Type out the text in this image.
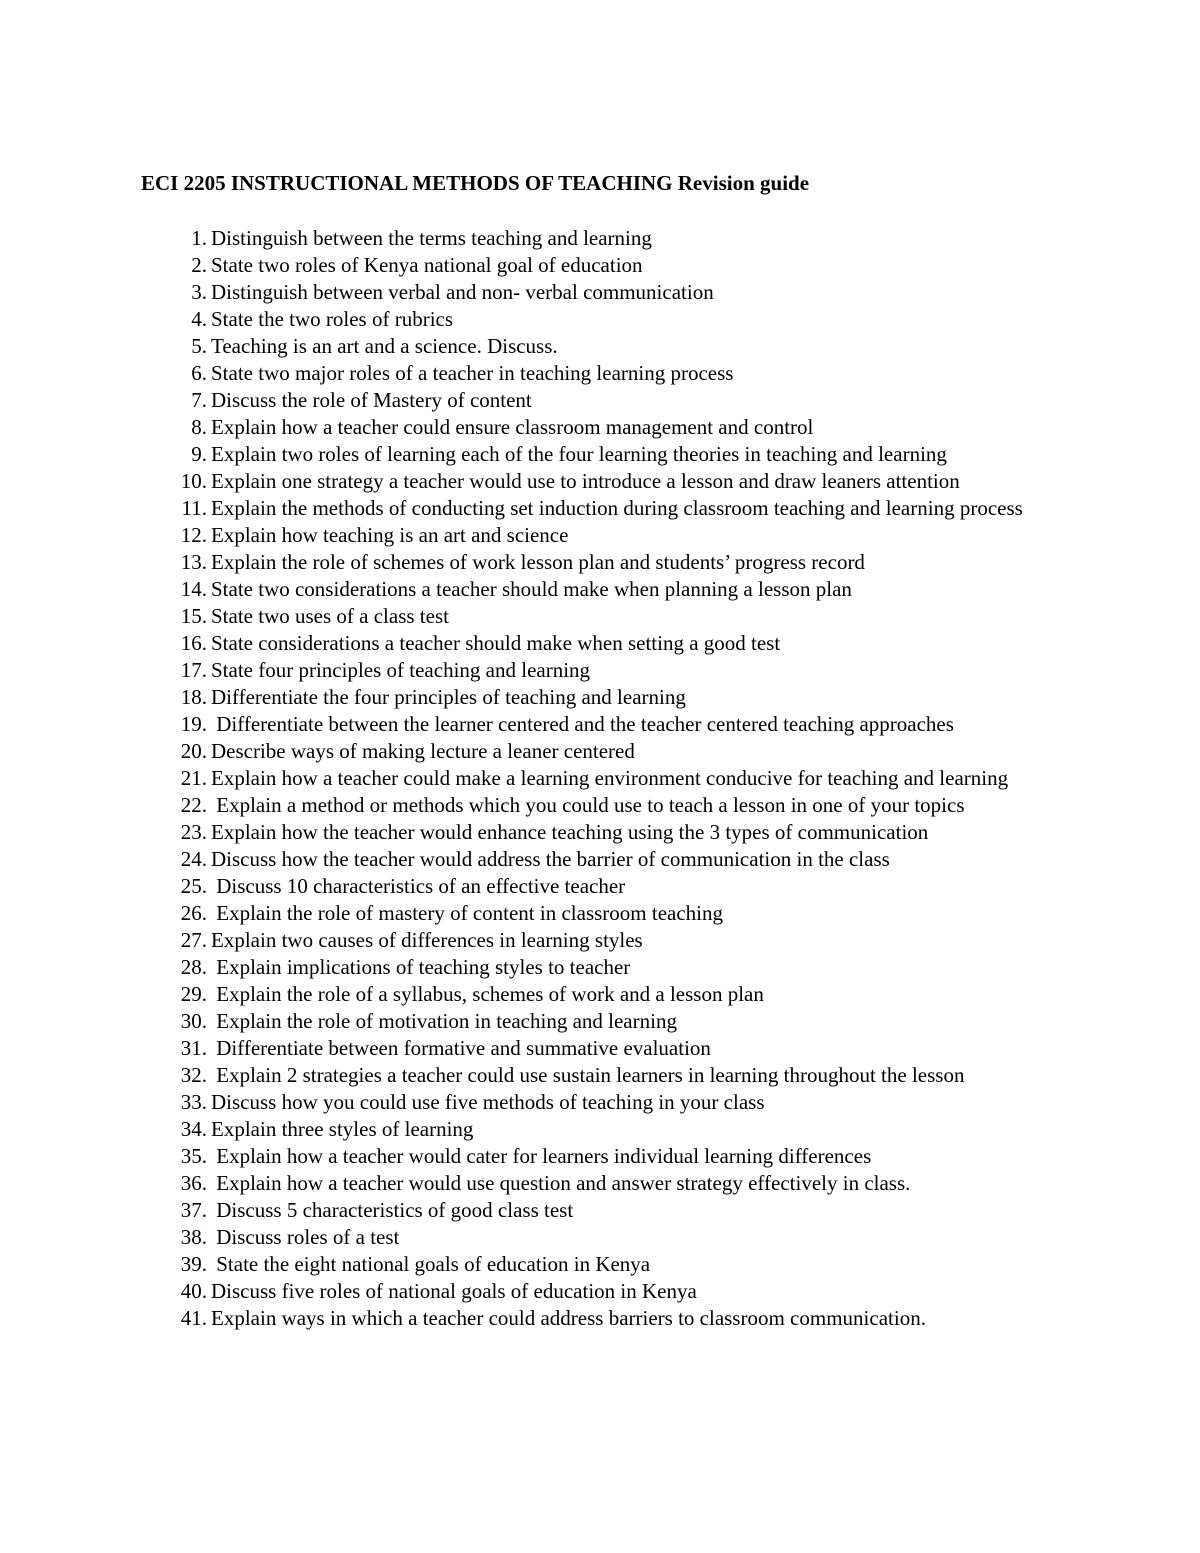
ECI 2205 INSTRUCTIONAL METHODS OF TEACHING Revision guide
1. Distinguish between the terms teaching and learning
2. State two roles of Kenya national goal of education
3. Distinguish between verbal and non- verbal communication
4. State the two roles of rubrics
5. Teaching is an art and a science. Discuss.
6. State two major roles of a teacher in teaching learning process
7. Discuss the role of Mastery of content
8. Explain how a teacher could ensure classroom management and control
9. Explain two roles of learning each of the four learning theories in teaching and learning
10. Explain one strategy a teacher would use to introduce a lesson and draw leaners attention
11. Explain the methods of conducting set induction during classroom teaching and learning process
12. Explain how teaching is an art and science
13. Explain the role of schemes of work lesson plan and students’ progress record
14. State two considerations a teacher should make when planning a lesson plan
15. State two uses of a class test
16. State considerations a teacher should make when setting a good test
17. State four principles of teaching and learning
18. Differentiate the four principles of teaching and learning
19. Differentiate between the learner centered and the teacher centered teaching approaches
20. Describe ways of making lecture a leaner centered
21. Explain how a teacher could make a learning environment conducive for teaching and learning
22. Explain a method or methods which you could use to teach a lesson in one of your topics
23. Explain how the teacher would enhance teaching using the 3 types of communication
24. Discuss how the teacher would address the barrier of communication in the class
25. Discuss 10 characteristics of an effective teacher
26. Explain the role of mastery of content in classroom teaching
27. Explain two causes of differences in learning styles
28. Explain implications of teaching styles to teacher
29. Explain the role of a syllabus, schemes of work and a lesson plan
30. Explain the role of motivation in teaching and learning
31. Differentiate between formative and summative evaluation
32. Explain 2 strategies a teacher could use sustain learners in learning throughout the lesson
33. Discuss how you could use five methods of teaching in your class
34. Explain three styles of learning
35. Explain how a teacher would cater for learners individual learning differences
36. Explain how a teacher would use question and answer strategy effectively in class.
37. Discuss 5 characteristics of good class test
38. Discuss roles of a test
39. State the eight national goals of education in Kenya
40. Discuss five roles of national goals of education in Kenya
41. Explain ways in which a teacher could address barriers to classroom communication.
